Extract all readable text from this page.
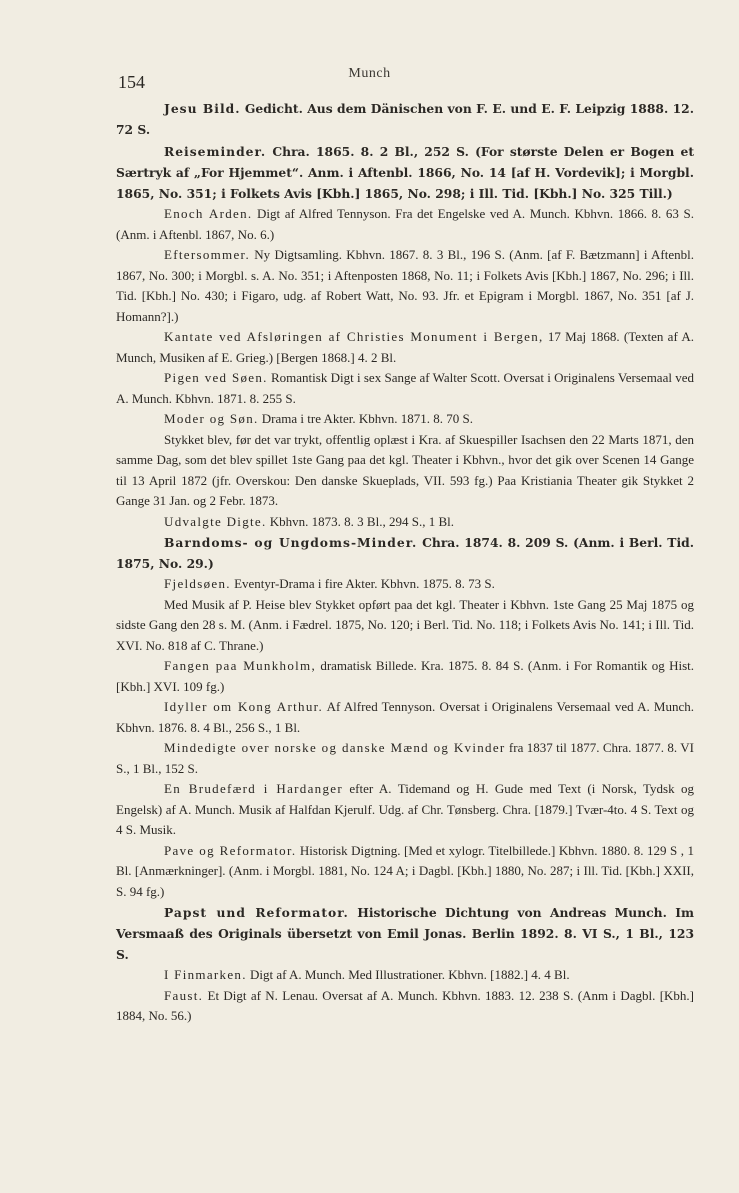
154	Munch

Jesu Bild. Gedicht. Aus dem Dänischen von F. E. und E. F. Leipzig 1888. 12. 72 S.

Reiseminder. Chra. 1865. 8. 2 Bl., 252 S. (For største Delen er Bogen et Særtryk af „For Hjemmet“. Anm. i Aftenbl. 1866, No. 14 [af H. Vordevik]; i Morgbl. 1865, No. 351; i Folkets Avis [Kbh.] 1865, No. 298; i Ill. Tid. [Kbh.] No. 325 Till.)

Enoch Arden. Digt af Alfred Tennyson. Fra det Engelske ved A. Munch. Kbhvn. 1866. 8. 63 S. (Anm. i Aftenbl. 1867, No. 6.)

Eftersommer. Ny Digtsamling. Kbhvn. 1867. 8. 3 Bl., 196 S. (Anm. [af F. Bætzmann] i Aftenbl. 1867, No. 300; i Morgbl. s. A. No. 351; i Aftenposten 1868, No. 11; i Folkets Avis [Kbh.] 1867, No. 296; i Ill. Tid. [Kbh.] No. 430; i Figaro, udg. af Robert Watt, No. 93. Jfr. et Epigram i Morgbl. 1867, No. 351 [af J. Homann?].)

Kantate ved Afsløringen af Christies Monument i Bergen, 17 Maj 1868. (Texten af A. Munch, Musiken af E. Grieg.) [Bergen 1868.] 4. 2 Bl.

Pigen ved Søen. Romantisk Digt i sex Sange af Walter Scott. Oversat i Originalens Versemaal ved A. Munch. Kbhvn. 1871. 8. 255 S.

Moder og Søn. Drama i tre Akter. Kbhvn. 1871. 8. 70 S.

Stykket blev, før det var trykt, offentlig oplæst i Kra. af Skuespiller Isachsen den 22 Marts 1871, den samme Dag, som det blev spillet 1ste Gang paa det kgl. Theater i Kbhvn., hvor det gik over Scenen 14 Gange til 13 April 1872 (jfr. Overskou: Den danske Skueplads, VII. 593 fg.) Paa Kristiania Theater gik Stykket 2 Gange 31 Jan. og 2 Febr. 1873.

Udvalgte Digte. Kbhvn. 1873. 8. 3 Bl., 294 S., 1 Bl.

Barndoms- og Ungdoms-Minder. Chra. 1874. 8. 209 S. (Anm. i Berl. Tid. 1875, No. 29.)

Fjeldsøen. Eventyr-Drama i fire Akter. Kbhvn. 1875. 8. 73 S.

Med Musik af P. Heise blev Stykket opført paa det kgl. Theater i Kbhvn. 1ste Gang 25 Maj 1875 og sidste Gang den 28 s. M. (Anm. i Fædrel. 1875, No. 120; i Berl. Tid. No. 118; i Folkets Avis No. 141; i Ill. Tid. XVI. No. 818 af C. Thrane.)

Fangen paa Munkholm, dramatisk Billede. Kra. 1875. 8. 84 S. (Anm. i For Romantik og Hist. [Kbh.] XVI. 109 fg.)

Idyller om Kong Arthur. Af Alfred Tennyson. Oversat i Originalens Versemaal ved A. Munch. Kbhvn. 1876. 8. 4 Bl., 256 S., 1 Bl.

Mindedigte over norske og danske Mænd og Kvinder fra 1837 til 1877. Chra. 1877. 8. VI S., 1 Bl., 152 S.

En Brudefærd i Hardanger efter A. Tidemand og H. Gude med Text (i Norsk, Tydsk og Engelsk) af A. Munch. Musik af Halfdan Kjerulf. Udg. af Chr. Tønsberg. Chra. [1879.] Tvær-4to. 4 S. Text og 4 S. Musik.

Pave og Reformator. Historisk Digtning. [Med et xylogr. Titelbillede.] Kbhvn. 1880. 8. 129 S , 1 Bl. [Anmærkninger]. (Anm. i Morgbl. 1881, No. 124 A; i Dagbl. [Kbh.] 1880, No. 287; i Ill. Tid. [Kbh.] XXII, S. 94 fg.)

Papst und Reformator. Historische Dichtung von Andreas Munch. Im Versmaaß des Originals übersetzt von Emil Jonas. Berlin 1892. 8. VI S., 1 Bl., 123 S.

I Finmarken. Digt af A. Munch. Med Illustrationer. Kbhvn. [1882.] 4. 4 Bl.

Faust. Et Digt af N. Lenau. Oversat af A. Munch. Kbhvn. 1883. 12. 238 S. (Anm i Dagbl. [Kbh.] 1884, No. 56.)
